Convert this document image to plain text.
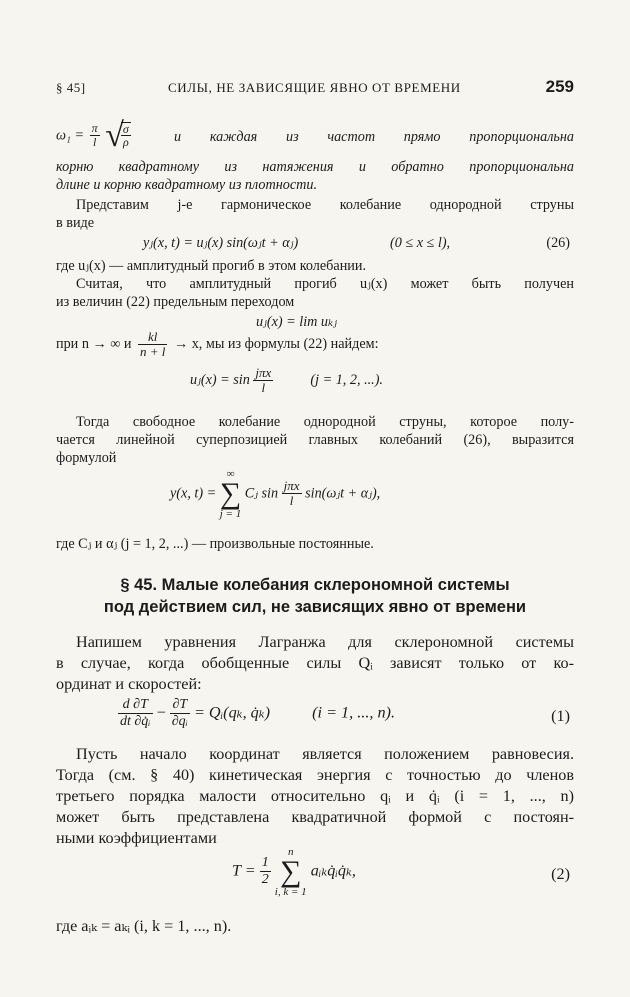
§ 45]	СИЛЫ, НЕ ЗАВИСЯЩИЕ ЯВНО ОТ ВРЕМЕНИ	259
$\omega_1 = \frac{\pi}{l}$ √
$\frac{\sigma}{\rho}$	и каждая из частот прямо пропорциональна
корню квадратному из натяжения и обратно пропорциональна
длине и корню квадратному из плотности.
Представим j-е гармоническое колебание однородной струны
в виде
yⱼ(x, t) = uⱼ(x) sin(ωⱼt + αⱼ)	(0 ≤ x ≤ l),	(26)
где uⱼ(x) — амплитудный прогиб в этом колебании.
Считая, что амплитудный прогиб uⱼ(x) может быть получен
из величин (22) предельным переходом
uⱼ(x) = lim uₖⱼ
при n → ∞ и $\frac{kl}{n + l} \to x$, мы из формулы (22) найдем:
uⱼ(x) = $\sin \frac{\text{jπx}}{l}$	(j = 1, 2, ...).
Тогда свободное колебание однородной струны, которое полу-
чается линейной суперпозицией главных колебаний (26), выразится
формулой
y(x, t) =
∞
∑
j = 1
Cⱼ $\sin \frac{\text{jπx}}{l}$ sin(ωⱼt + αⱼ),
где Cⱼ и αⱼ (j = 1, 2, ...) — произвольные постоянные.
§ 45. Малые колебания склерономной системы
под действием сил, не зависящих явно от времени
Напишем уравнения Лагранжа для склерономной системы
в случае, когда обобщенные силы Qᵢ зависят только от ко-
ординат и скоростей:
$\frac{d \partial T}{\text{dt ∂q̇ᵢ}} - \frac{\partial T}{\text{∂qᵢ}}$ = Qᵢ(qₖ, q̇ₖ)	(i = 1, ..., n).	(1)
Пусть начало координат является положением равновесия.
Тогда (см. § 40) кинетическая энергия с точностью до членов
третьего порядка малости относительно qᵢ и q̇ᵢ (i = 1, ..., n)
может быть представлена квадратичной формой с постоян-
ными коэффициентами
$T = \frac{1}{2}$

n
∑
i, k = 1
aᵢₖq̇ᵢq̇ₖ,	(2)
где aᵢₖ = aₖᵢ (i, k = 1, ..., n).
